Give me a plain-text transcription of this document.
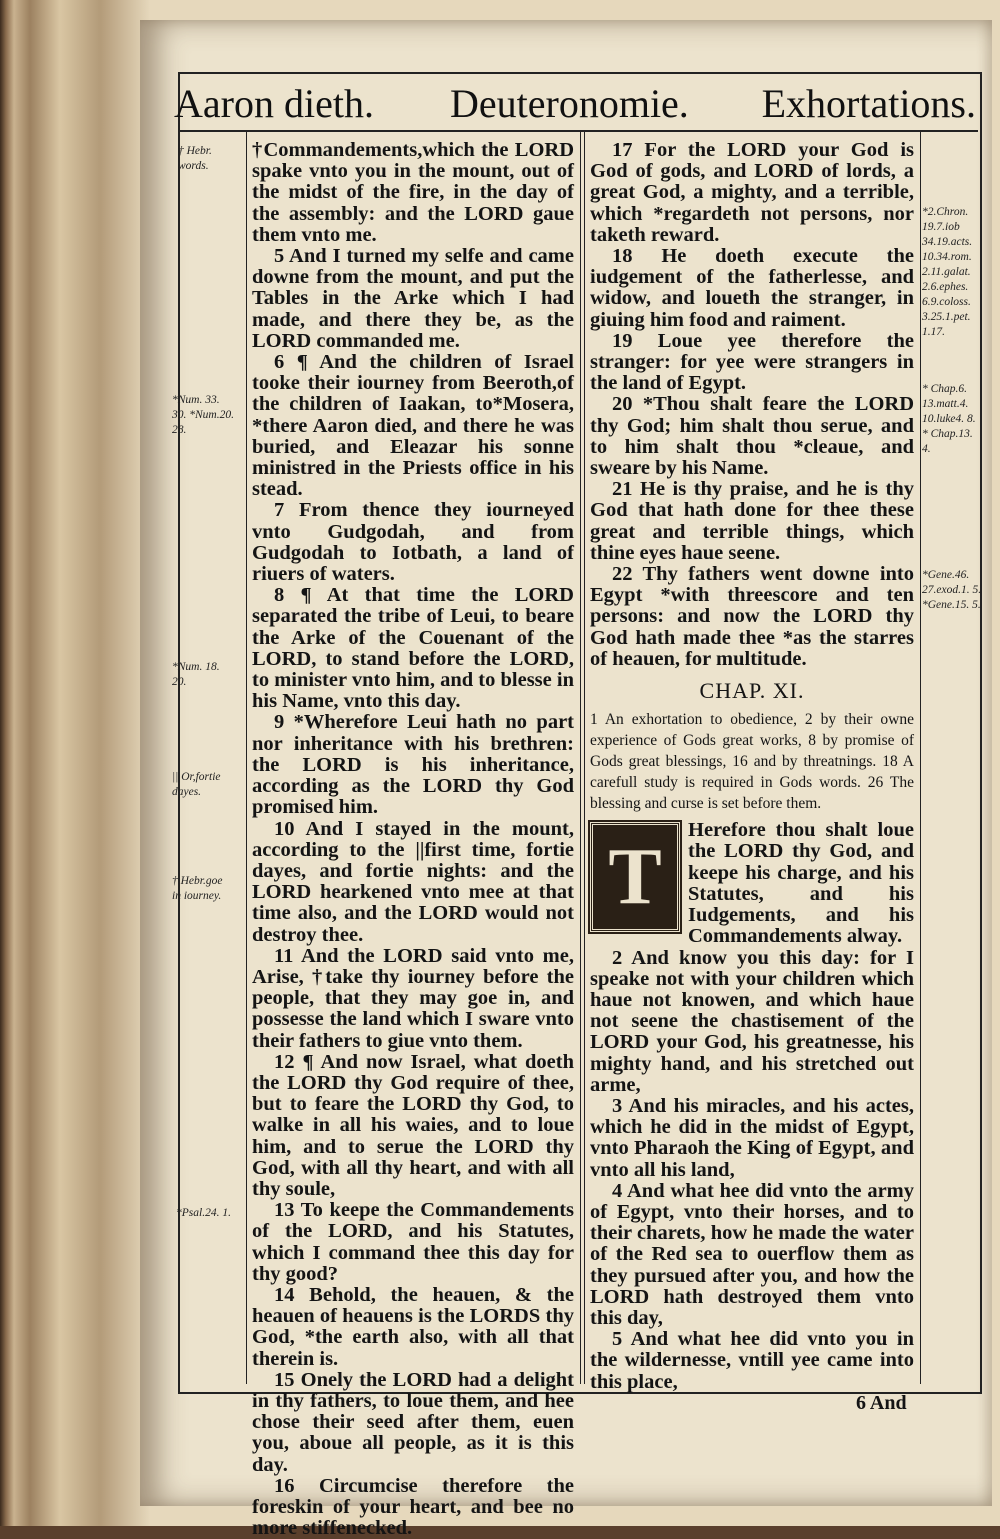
Aaron dieth. Deuteronomie. Exhortations.
† Hebr. words.
*Num. 33. 30. *Num.20. 28.
*Num. 18. 20.
|| Or,fortie dayes.
† Hebr.goe in iourney.
*Psal.24. 1.
*2.Chron. 19.7.iob 34.19.acts. 10.34.rom. 2.11.galat. 2.6.ephes. 6.9.coloss. 3.25.1.pet. 1.17.
* Chap.6. 13.matt.4. 10.luke4. 8. * Chap.13. 4.
*Gene.46. 27.exod.1. 5. *Gene.15. 5.

†Commandements,which the LORD spake vnto you in the mount, out of the midst of the fire, in the day of the assembly: and the LORD gaue them vnto me.

5 And I turned my selfe and came downe from the mount, and put the Tables in the Arke which I had made, and there they be, as the LORD commanded me.

6 ¶ And the children of Israel tooke their iourney from Beeroth,of the children of Iaakan, to*Mosera, *there Aaron died, and there he was buried, and Eleazar his sonne ministred in the Priests office in his stead.

7 From thence they iourneyed vnto Gudgodah, and from Gudgodah to Iotbath, a land of riuers of waters.

8 ¶ At that time the LORD separated the tribe of Leui, to beare the Arke of the Couenant of the LORD, to stand before the LORD, to minister vnto him, and to blesse in his Name, vnto this day.

9 *Wherefore Leui hath no part nor inheritance with his brethren: the LORD is his inheritance, according as the LORD thy God promised him.

10 And I stayed in the mount, according to the ||first time, fortie dayes, and fortie nights: and the LORD hearkened vnto mee at that time also, and the LORD would not destroy thee.

11 And the LORD said vnto me, Arise, †take thy iourney before the people, that they may goe in, and possesse the land which I sware vnto their fathers to giue vnto them.

12 ¶ And now Israel, what doeth the LORD thy God require of thee, but to feare the LORD thy God, to walke in all his waies, and to loue him, and to serue the LORD thy God, with all thy heart, and with all thy soule,

13 To keepe the Commandements of the LORD, and his Statutes, which I command thee this day for thy good?

14 Behold, the heauen, & the heauen of heauens is the LORDS thy God, *the earth also, with all that therein is.

15 Onely the LORD had a delight in thy fathers, to loue them, and hee chose their seed after them, euen you, aboue all people, as it is this day.

16 Circumcise therefore the foreskin of your heart, and bee no more stiffenecked.

17 For the LORD your God is God of gods, and LORD of lords, a great God, a mighty, and a terrible, which *regardeth not persons, nor taketh reward.

18 He doeth execute the iudgement of the fatherlesse, and widow, and loueth the stranger, in giuing him food and raiment.

19 Loue yee therefore the stranger: for yee were strangers in the land of Egypt.

20 *Thou shalt feare the LORD thy God; him shalt thou serue, and to him shalt thou *cleaue, and sweare by his Name.

21 He is thy praise, and he is thy God that hath done for thee these great and terrible things, which thine eyes haue seene.

22 Thy fathers went downe into Egypt *with threescore and ten persons: and now the LORD thy God hath made thee *as the starres of heauen, for multitude.

CHAP. XI.
1 An exhortation to obedience, 2 by their owne experience of Gods great works, 8 by promise of Gods great blessings, 16 and by threatnings. 18 A carefull study is required in Gods words. 26 The blessing and curse is set before them.
T

Herefore thou shalt loue the LORD thy God, and keepe his charge, and his Statutes, and his Iudgements, and his Commandements alway.

2 And know you this day: for I speake not with your children which haue not knowen, and which haue not seene the chastisement of the LORD your God, his greatnesse, his mighty hand, and his stretched out arme,

3 And his miracles, and his actes, which he did in the midst of Egypt, vnto Pharaoh the King of Egypt, and vnto all his land,

4 And what hee did vnto the army of Egypt, vnto their horses, and to their charets, how he made the water of the Red sea to ouerflow them as they pursued after you, and how the LORD hath destroyed them vnto this day,

5 And what hee did vnto you in the wildernesse, vntill yee came into this place,

6 And
